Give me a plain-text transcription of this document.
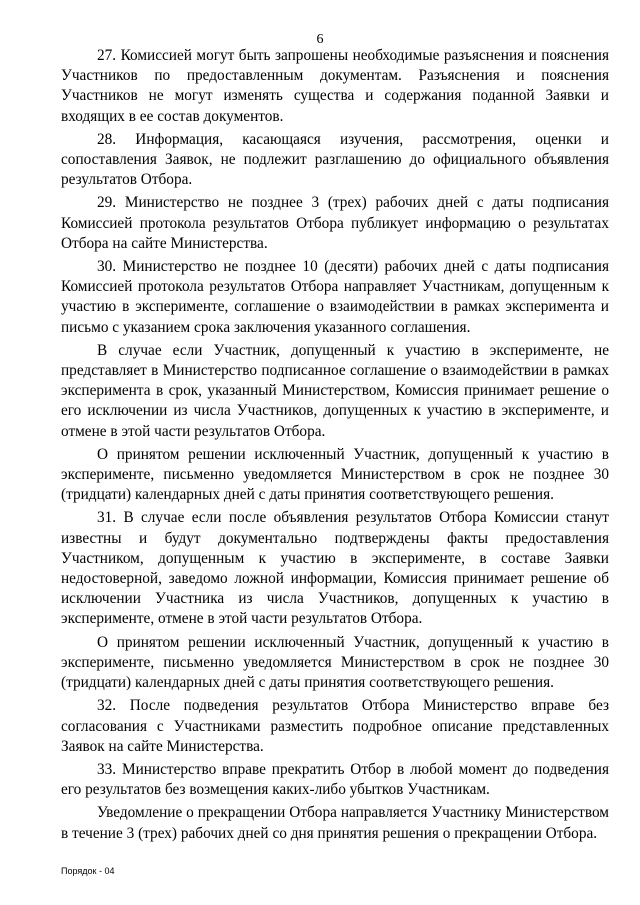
6

27. Комиссией могут быть запрошены необходимые разъяснения и пояснения Участников по предоставленным документам. Разъяснения и пояснения Участников не могут изменять существа и содержания поданной Заявки и входящих в ее состав документов.

28. Информация, касающаяся изучения, рассмотрения, оценки и сопоставления Заявок, не подлежит разглашению до официального объявления результатов Отбора.

29. Министерство не позднее 3 (трех) рабочих дней с даты подписания Комиссией протокола результатов Отбора публикует информацию о результатах Отбора на сайте Министерства.

30. Министерство не позднее 10 (десяти) рабочих дней с даты подписания Комиссией протокола результатов Отбора направляет Участникам, допущенным к участию в эксперименте, соглашение о взаимодействии в рамках эксперимента и письмо с указанием срока заключения указанного соглашения.

В случае если Участник, допущенный к участию в эксперименте, не представляет в Министерство подписанное соглашение о взаимодействии в рамках эксперимента в срок, указанный Министерством, Комиссия принимает решение о его исключении из числа Участников, допущенных к участию в эксперименте, и отмене в этой части результатов Отбора.

О принятом решении исключенный Участник, допущенный к участию в эксперименте, письменно уведомляется Министерством в срок не позднее 30 (тридцати) календарных дней с даты принятия соответствующего решения.

31. В случае если после объявления результатов Отбора Комиссии станут известны и будут документально подтверждены факты предоставления Участником, допущенным к участию в эксперименте, в составе Заявки недостоверной, заведомо ложной информации, Комиссия принимает решение об исключении Участника из числа Участников, допущенных к участию в эксперименте, отмене в этой части результатов Отбора.

О принятом решении исключенный Участник, допущенный к участию в эксперименте, письменно уведомляется Министерством в срок не позднее 30 (тридцати) календарных дней с даты принятия соответствующего решения.

32. После подведения результатов Отбора Министерство вправе без согласования с Участниками разместить подробное описание представленных Заявок на сайте Министерства.

33. Министерство вправе прекратить Отбор в любой момент до подведения его результатов без возмещения каких-либо убытков Участникам.

Уведомление о прекращении Отбора направляется Участнику Министерством в течение 3 (трех) рабочих дней со дня принятия решения о прекращении Отбора.

Порядок - 04
